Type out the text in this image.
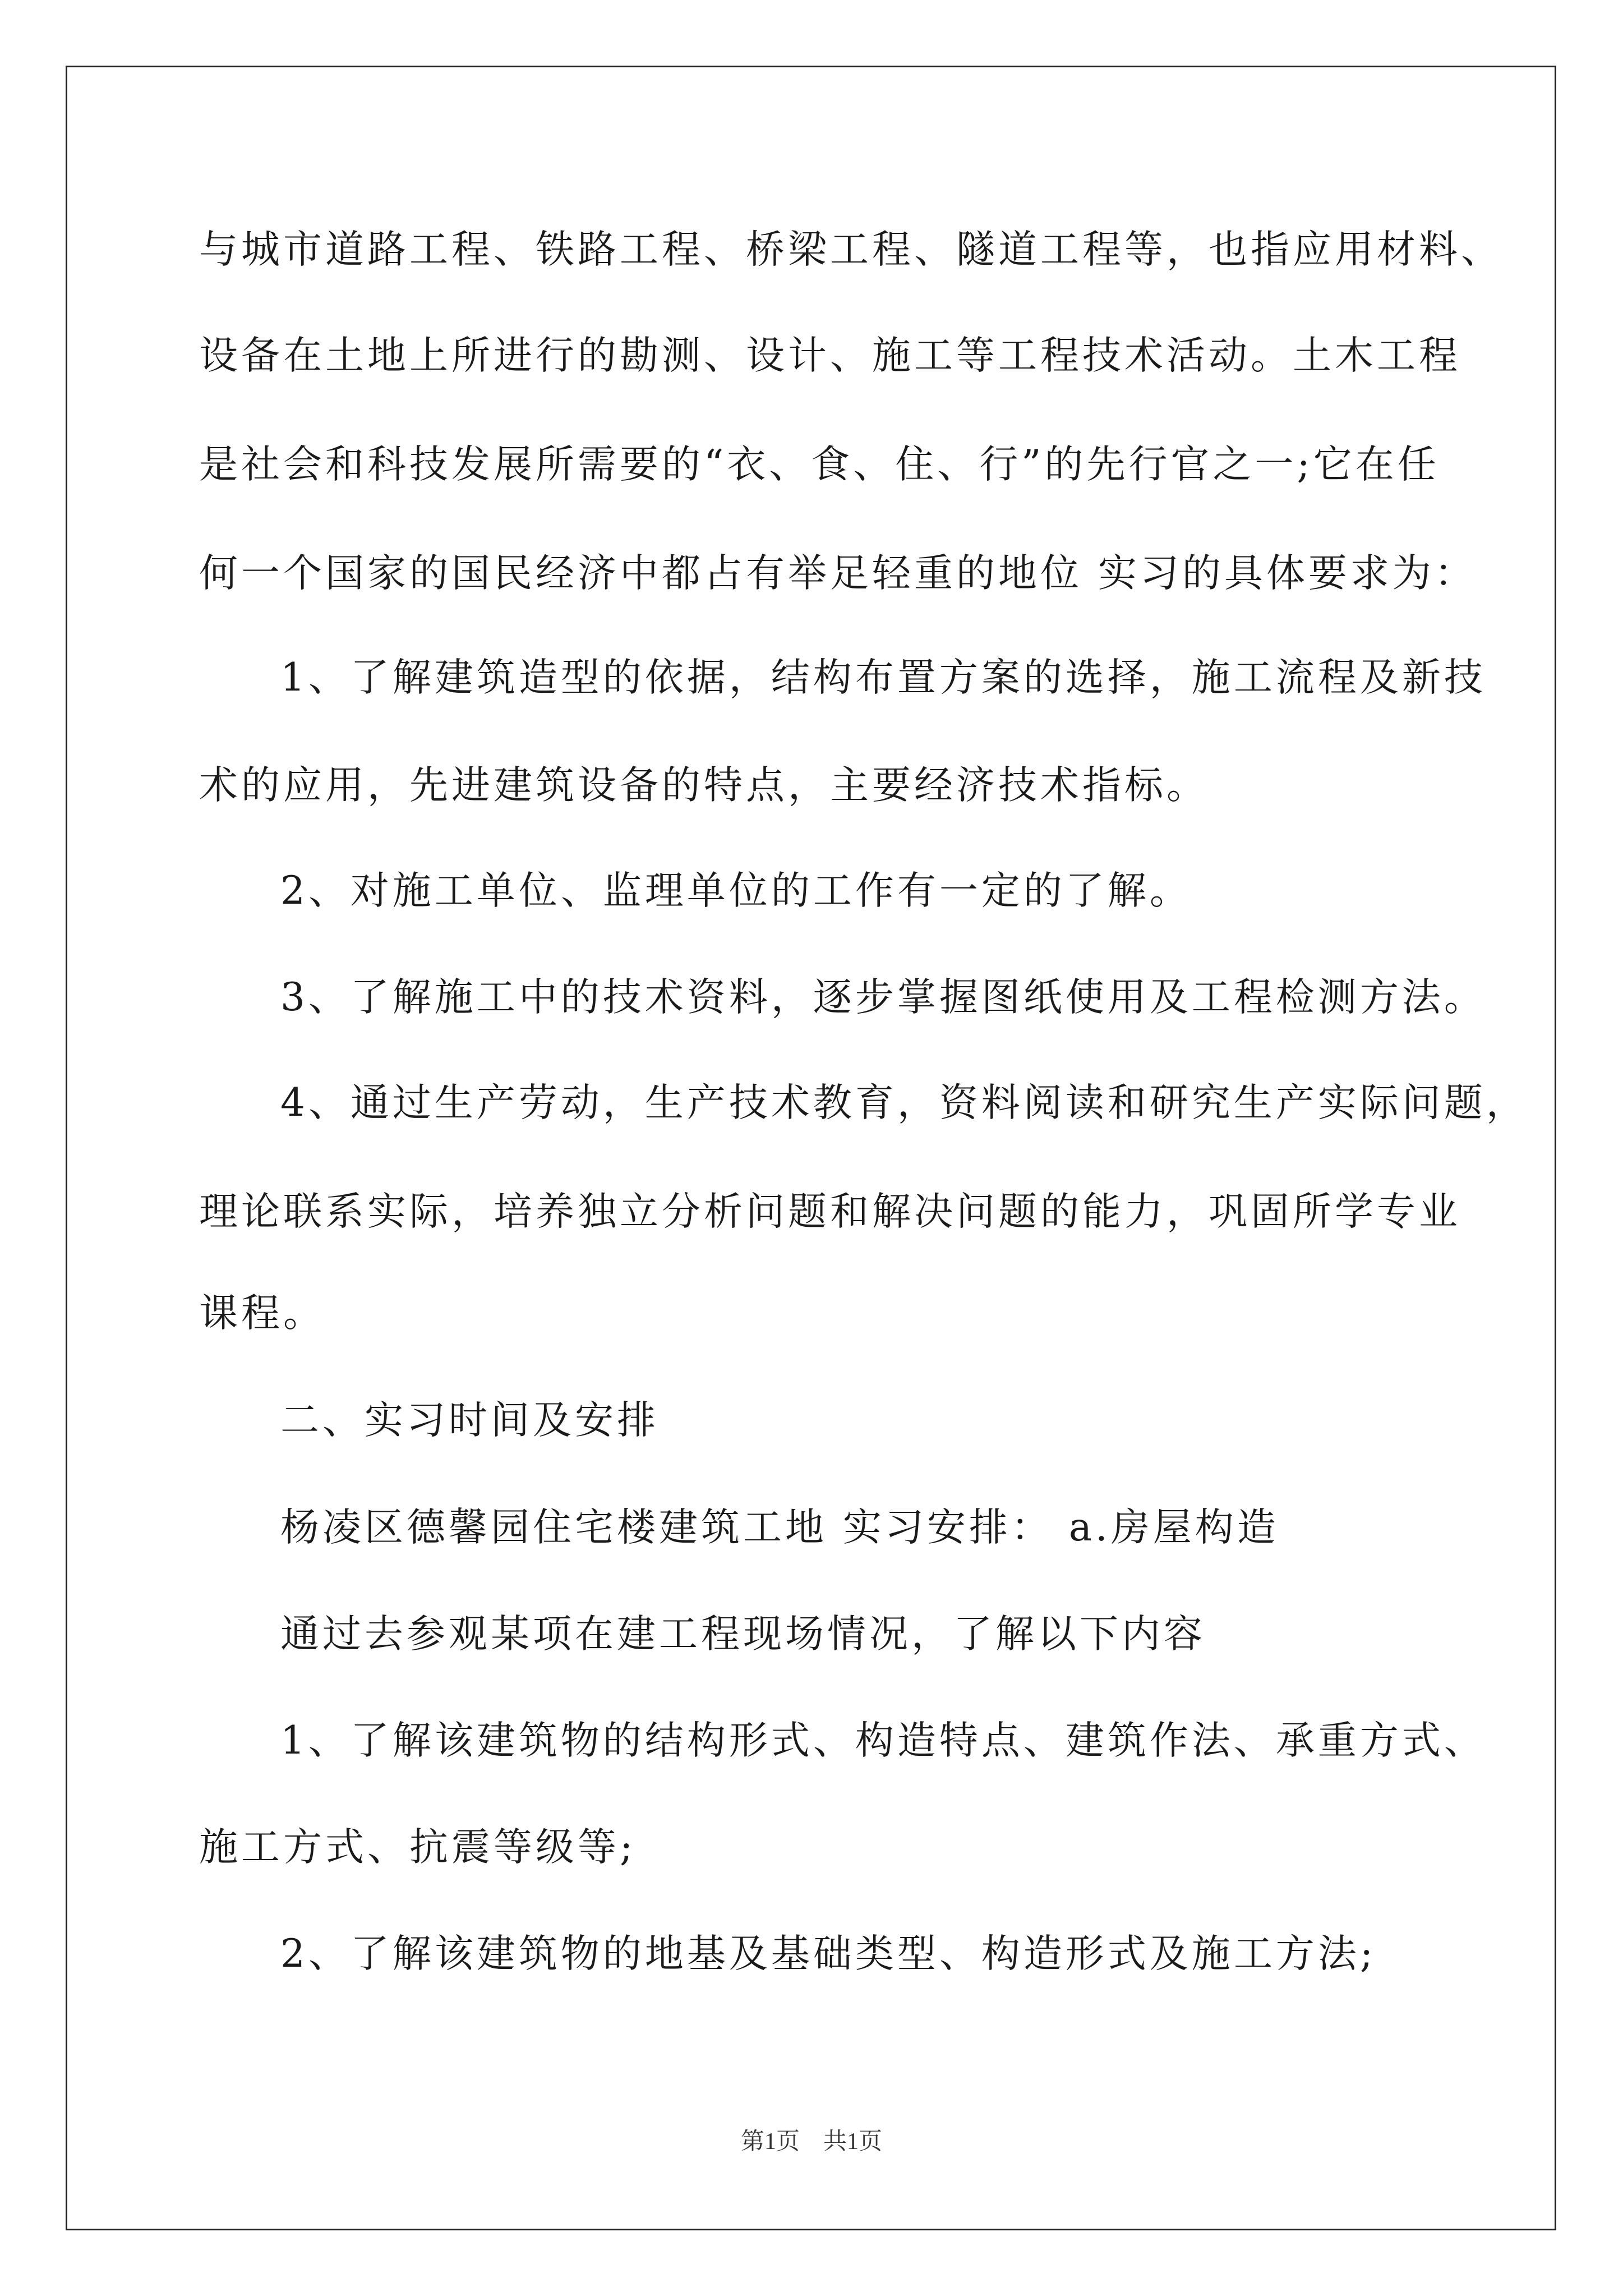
与城市道路工程、铁路工程、桥梁工程、隧道工程等，也指应用材料、
设备在土地上所进行的勘测、设计、施工等工程技术活动。土木工程
是社会和科技发展所需要的“衣、食、住、行”的先行官之一;它在任
何一个国家的国民经济中都占有举足轻重的地位 实习的具体要求为：
1、了解建筑造型的依据，结构布置方案的选择，施工流程及新技
术的应用，先进建筑设备的特点，主要经济技术指标。
2、对施工单位、监理单位的工作有一定的了解。
3、了解施工中的技术资料，逐步掌握图纸使用及工程检测方法。
4、通过生产劳动，生产技术教育，资料阅读和研究生产实际问题，
理论联系实际，培养独立分析问题和解决问题的能力，巩固所学专业
课程。
二、实习时间及安排
杨凌区德馨园住宅楼建筑工地 实习安排： a.房屋构造
通过去参观某项在建工程现场情况，了解以下内容
1、了解该建筑物的结构形式、构造特点、建筑作法、承重方式、
施工方式、抗震等级等;
2、了解该建筑物的地基及基础类型、构造形式及施工方法;
第1页　共1页
